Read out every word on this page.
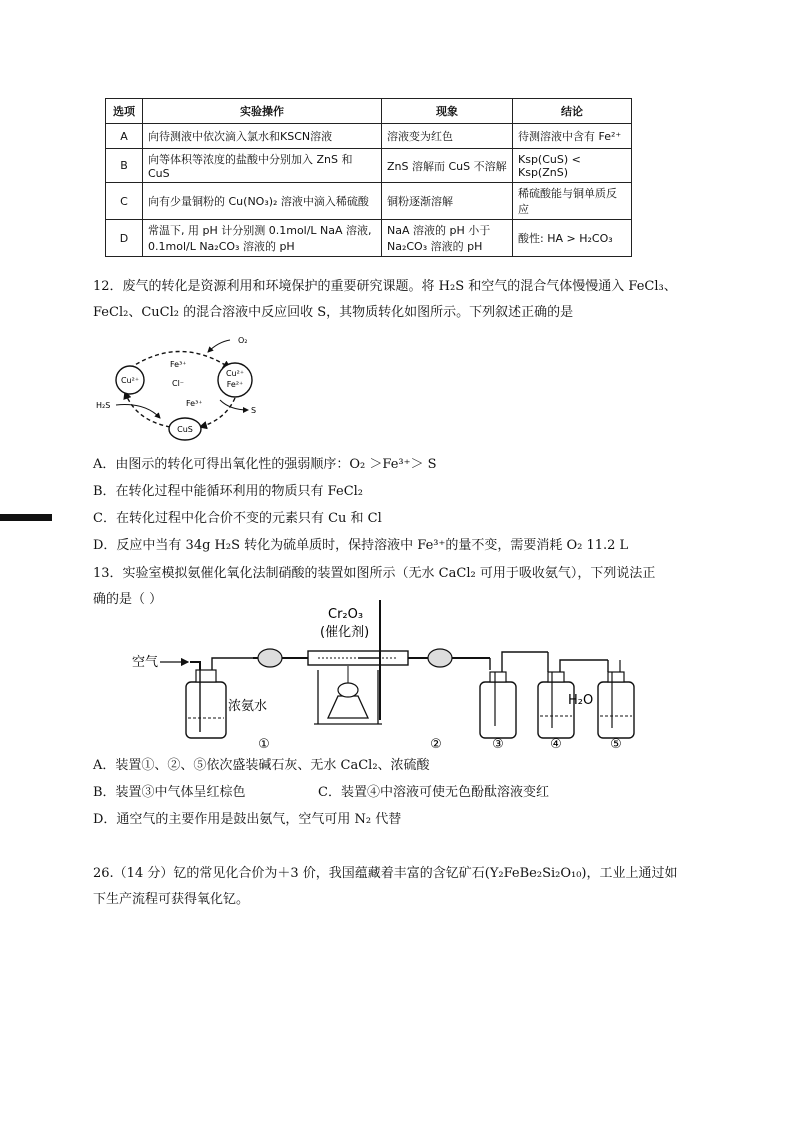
选项	实验操作	现象	结论
A	向待测液中依次滴入氯水和KSCN溶液	溶液变为红色	待测溶液中含有 Fe²⁺
B	向等体积等浓度的盐酸中分别加入 ZnS 和 CuS	ZnS 溶解而 CuS 不溶解	Ksp(CuS) < Ksp(ZnS)
C	向有少量铜粉的 Cu(NO₃)₂ 溶液中滴入稀硫酸	铜粉逐渐溶解	稀硫酸能与铜单质反应
D	常温下, 用 pH 计分别测 0.1mol/L NaA 溶液, 0.1mol/L Na₂CO₃ 溶液的 pH	NaA 溶液的 pH 小于 Na₂CO₃ 溶液的 pH	酸性: HA > H₂CO₃
12．废气的转化是资源利用和环境保护的重要研究课题。将 H₂S 和空气的混合气体慢慢通入 FeCl₃、
FeCl₂、CuCl₂ 的混合溶液中反应回收 S，其物质转化如图所示。下列叙述正确的是
Cu²⁺
Cu²⁺
Fe²⁺
CuS
O₂
Fe³⁺
Cl⁻
Fe³⁺
H₂S
S
A．由图示的转化可得出氧化性的强弱顺序：O₂ ＞Fe³⁺＞ S
B．在转化过程中能循环利用的物质只有 FeCl₂
C．在转化过程中化合价不变的元素只有 Cu 和 Cl
D．反应中当有 34g H₂S 转化为硫单质时，保持溶液中 Fe³⁺的量不变，需要消耗 O₂ 11.2 L
13．实验室模拟氨催化氧化法制硝酸的装置如图所示（无水 CaCl₂ 可用于吸收氨气），下列说法正
确的是（ ）
空气
浓氨水
Cr₂O₃
(催化剂)
H₂O
①	②	③	④	⑤
A．装置①、②、⑤依次盛装碱石灰、无水 CaCl₂、浓硫酸
B．装置③中气体呈红棕色	C．装置④中溶液可使无色酚酞溶液变红
D．通空气的主要作用是鼓出氨气，空气可用 N₂ 代替
26.（14 分）钇的常见化合价为＋3 价，我国蕴藏着丰富的含钇矿石(Y₂FeBe₂Si₂O₁₀)，工业上通过如
下生产流程可获得氧化钇。
